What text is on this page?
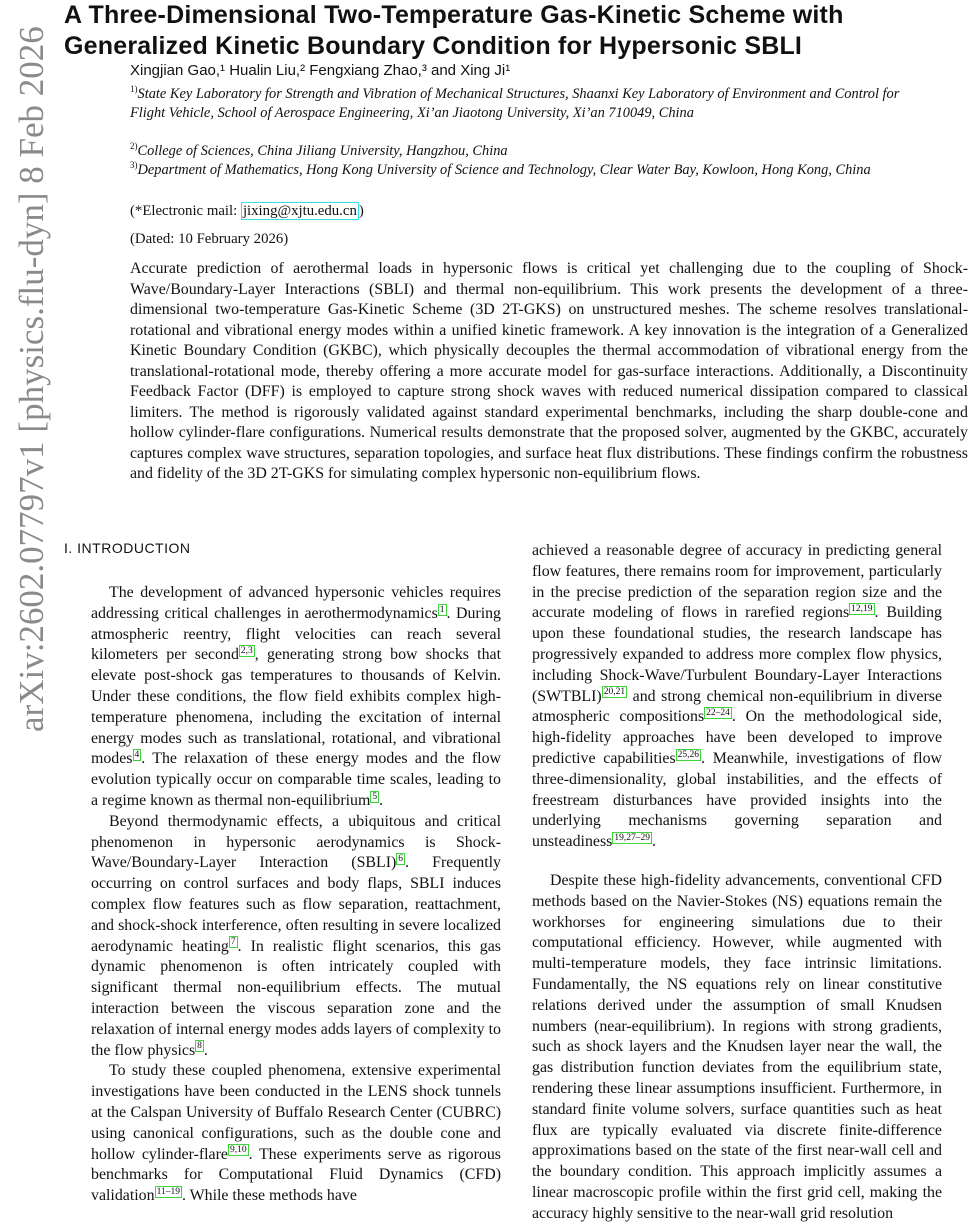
A Three-Dimensional Two-Temperature Gas-Kinetic Scheme with Generalized Kinetic Boundary Condition for Hypersonic SBLI
Xingjian Gao,¹ Hualin Liu,² Fengxiang Zhao,³ and Xing Ji¹
$^{1)}$State Key Laboratory for Strength and Vibration of Mechanical Structures, Shaanxi Key Laboratory of Environment and Control for Flight Vehicle, School of Aerospace Engineering, Xi’an Jiaotong University, Xi’an 710049, China
$^{2)}$College of Sciences, China Jiliang University, Hangzhou, China
$^{3)}$Department of Mathematics, Hong Kong University of Science and Technology, Clear Water Bay, Kowloon, Hong Kong, China
(*Electronic mail: jixing@xjtu.edu.cn )
(Dated: 10 February 2026)

Accurate prediction of aerothermal loads in hypersonic flows is critical yet challenging due to the coupling of Shock-Wave/Boundary-Layer Interactions (SBLI) and thermal non-equilibrium. This work presents the development of a three-dimensional two-temperature Gas-Kinetic Scheme (3D 2T-GKS) on unstructured meshes. The scheme resolves translational-rotational and vibrational energy modes within a unified kinetic framework. A key innovation is the integration of a Generalized Kinetic Boundary Condition (GKBC), which physically decouples the thermal accommodation of vibrational energy from the translational-rotational mode, thereby offering a more accurate model for gas-surface interactions. Additionally, a Discontinuity Feedback Factor (DFF) is employed to capture strong shock waves with reduced numerical dissipation compared to classical limiters. The method is rigorously validated against standard experimental benchmarks, including the sharp double-cone and hollow cylinder-flare configurations. Numerical results demonstrate that the proposed solver, augmented by the GKBC, accurately captures complex wave structures, separation topologies, and surface heat flux distributions. These findings confirm the robustness and fidelity of the 3D 2T-GKS for simulating complex hypersonic non-equilibrium flows.

arXiv:2602.07797v1 [physics.flu-dyn] 8 Feb 2026 I. INTRODUCTION

The development of advanced hypersonic vehicles requires addressing critical challenges in aerothermodynamics $^1$ . During atmospheric reentry, flight velocities can reach several kilometers per second $^{2,3}$ , generating strong bow shocks that elevate post-shock gas temperatures to thousands of Kelvin. Under these conditions, the flow field exhibits complex high-temperature phenomena, including the excitation of internal energy modes such as translational, rotational, and vibrational modes $^4$ . The relaxation of these energy modes and the flow evolution typically occur on comparable time scales, leading to a regime known as thermal non-equilibrium $^5$ .

Beyond thermodynamic effects, a ubiquitous and critical phenomenon in hypersonic aerodynamics is Shock-Wave/Boundary-Layer Interaction (SBLI) $^6$ . Frequently occurring on control surfaces and body flaps, SBLI induces complex flow features such as flow separation, reattachment, and shock-shock interference, often resulting in severe localized aerodynamic heating $^7$ . In realistic flight scenarios, this gas dynamic phenomenon is often intricately coupled with significant thermal non-equilibrium effects. The mutual interaction between the viscous separation zone and the relaxation of internal energy modes adds layers of complexity to the flow physics $^8$ .

To study these coupled phenomena, extensive experimental investigations have been conducted in the LENS shock tunnels at the Calspan University of Buffalo Research Center (CUBRC) using canonical configurations, such as the double cone and hollow cylinder-flare $^{9,10}$ . These experiments serve as rigorous benchmarks for Computational Fluid Dynamics (CFD) validation $^{11-19}$ . While these methods have

achieved a reasonable degree of accuracy in predicting general flow features, there remains room for improvement, particularly in the precise prediction of the separation region size and the accurate modeling of flows in rarefied regions $^{12,19}$ . Building upon these foundational studies, the research landscape has progressively expanded to address more complex flow physics, including Shock-Wave/Turbulent Boundary-Layer Interactions (SWTBLI) $^{20,21}$ and strong chemical non-equilibrium in diverse atmospheric compositions $^{22-24}$ . On the methodological side, high-fidelity approaches have been developed to improve predictive capabilities $^{25,26}$ . Meanwhile, investigations of flow three-dimensionality, global instabilities, and the effects of freestream disturbances have provided insights into the underlying mechanisms governing separation and unsteadiness $^{19,27-29}$ .

Despite these high-fidelity advancements, conventional CFD methods based on the Navier-Stokes (NS) equations remain the workhorses for engineering simulations due to their computational efficiency. However, while augmented with multi-temperature models, they face intrinsic limitations. Fundamentally, the NS equations rely on linear constitutive relations derived under the assumption of small Knudsen numbers (near-equilibrium). In regions with strong gradients, such as shock layers and the Knudsen layer near the wall, the gas distribution function deviates from the equilibrium state, rendering these linear assumptions insufficient. Furthermore, in standard finite volume solvers, surface quantities such as heat flux are typically evaluated via discrete finite-difference approximations based on the state of the first near-wall cell and the boundary condition. This approach implicitly assumes a linear macroscopic profile within the first grid cell, making the accuracy highly sensitive to the near-wall grid resolution
